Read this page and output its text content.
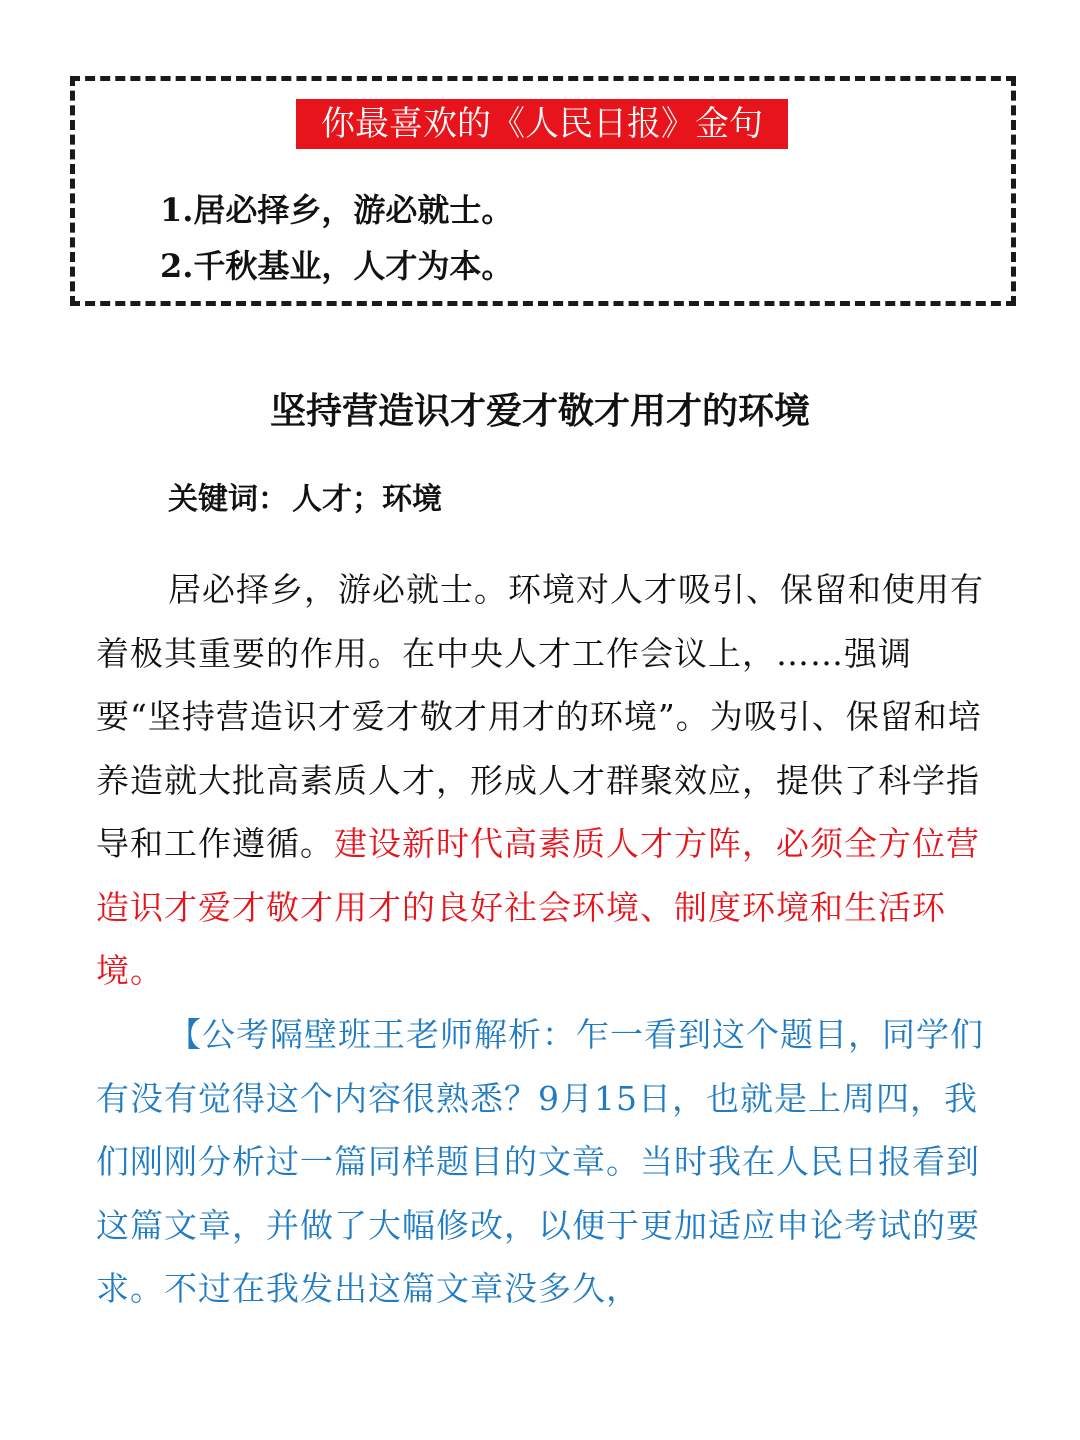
你最喜欢的《人民日报》金句
1.居必择乡，游必就士。
2.千秋基业，人才为本。
坚持营造识才爱才敬才用才的环境
关键词： 人才；环境

居必择乡，游必就士。环境对人才吸引、保留和使用有着极其重要的作用。在中央人才工作会议上，……强调要“坚持营造识才爱才敬才用才的环境”。为吸引、保留和培养造就大批高素质人才，形成人才群聚效应，提供了科学指导和工作遵循。建设新时代高素质人才方阵，必须全方位营造识才爱才敬才用才的良好社会环境、制度环境和生活环境。

【公考隔壁班王老师解析：乍一看到这个题目，同学们有没有觉得这个内容很熟悉？9月15日，也就是上周四，我们刚刚分析过一篇同样题目的文章。当时我在人民日报看到这篇文章，并做了大幅修改，以便于更加适应申论考试的要求。不过在我发出这篇文章没多久，
